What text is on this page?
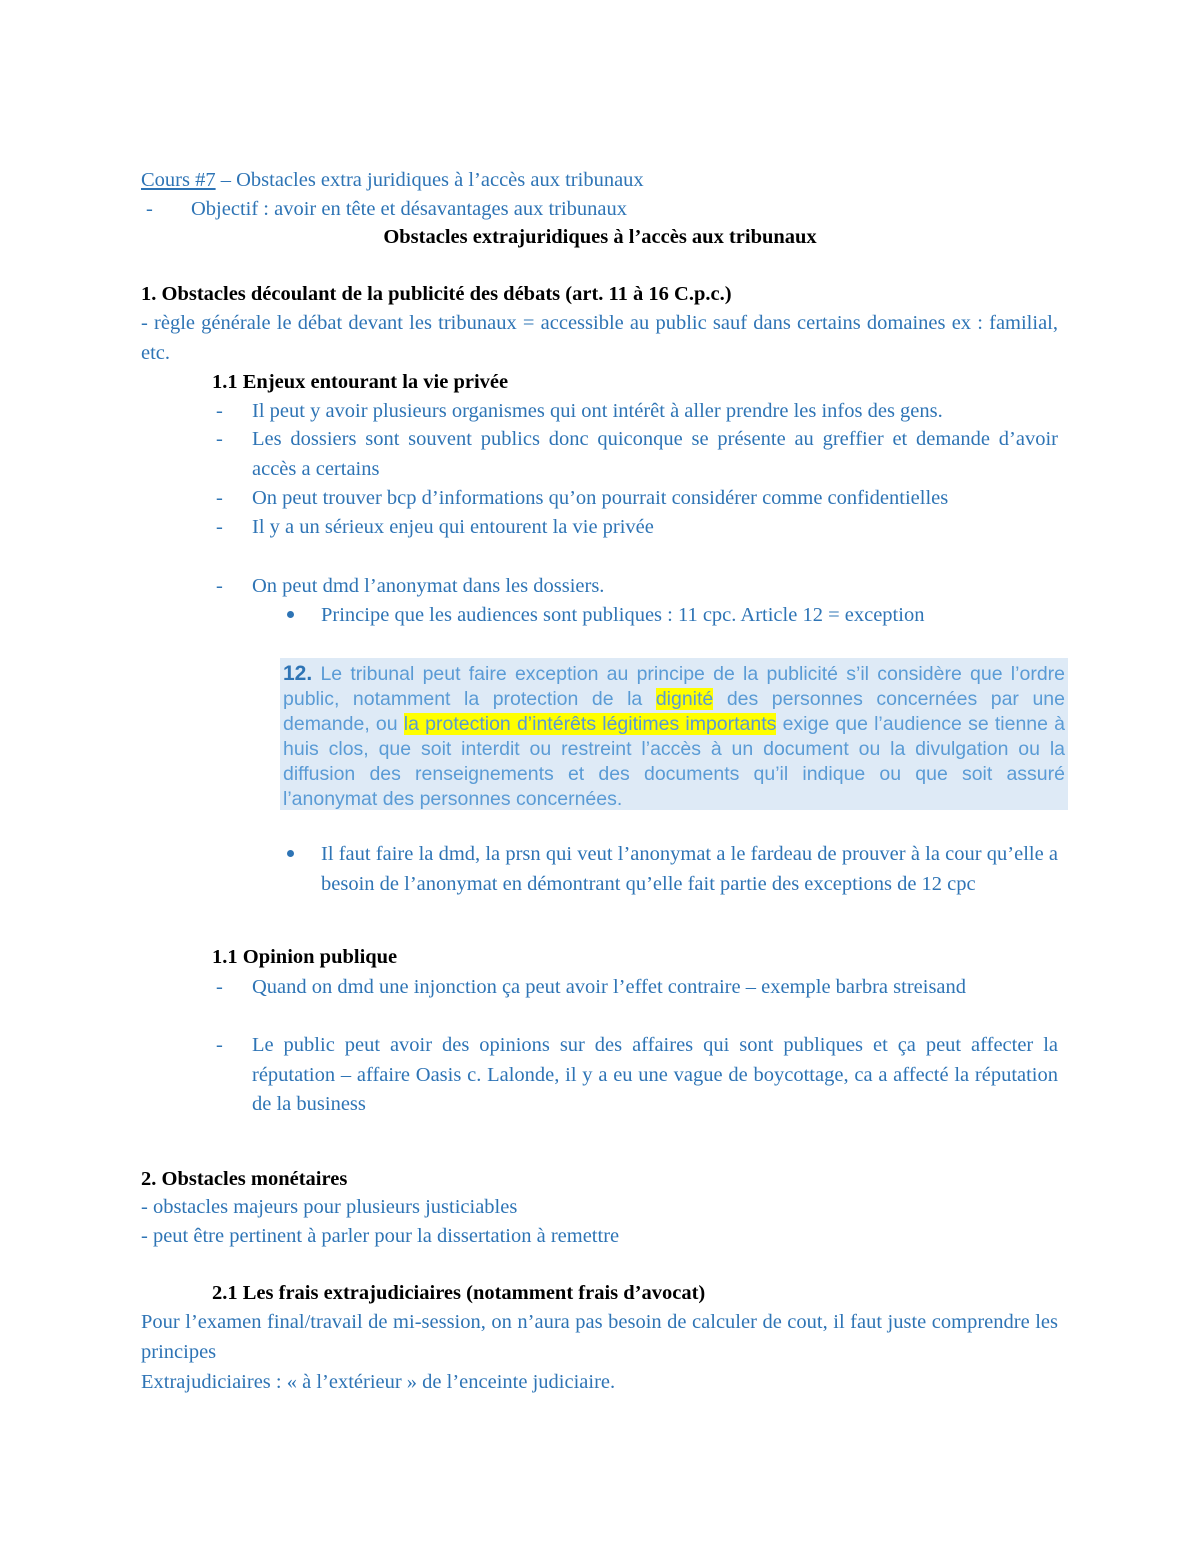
Cours #7 – Obstacles extra juridiques à l’accès aux tribunaux
- Objectif : avoir en tête et désavantages aux tribunaux
Obstacles extrajuridiques à l’accès aux tribunaux
1. Obstacles découlant de la publicité des débats (art. 11 à 16 C.p.c.)
- règle générale le débat devant les tribunaux = accessible au public sauf dans certains domaines ex : familial, etc.
1.1 Enjeux entourant la vie privée
- Il peut y avoir plusieurs organismes qui ont intérêt à aller prendre les infos des gens.
- Les dossiers sont souvent publics donc quiconque se présente au greffier et demande d’avoir accès a certains
- On peut trouver bcp d’informations qu’on pourrait considérer comme confidentielles
- Il y a un sérieux enjeu qui entourent la vie privée
- On peut dmd l’anonymat dans les dossiers.
Principe que les audiences sont publiques : 11 cpc. Article 12 = exception
12. Le tribunal peut faire exception au principe de la publicité s’il considère que l’ordre public, notamment la protection de la dignité des personnes concernées par une demande, ou la protection d’intérêts légitimes importants exige que l’audience se tienne à huis clos, que soit interdit ou restreint l’accès à un document ou la divulgation ou la diffusion des renseignements et des documents qu’il indique ou que soit assuré l’anonymat des personnes concernées.
Il faut faire la dmd, la prsn qui veut l’anonymat a le fardeau de prouver à la cour qu’elle a besoin de l’anonymat en démontrant qu’elle fait partie des exceptions de 12 cpc
1.1 Opinion publique
- Quand on dmd une injonction ça peut avoir l’effet contraire – exemple barbra streisand
- Le public peut avoir des opinions sur des affaires qui sont publiques et ça peut affecter la réputation – affaire Oasis c. Lalonde, il y a eu une vague de boycottage, ca a affecté la réputation de la business
2. Obstacles monétaires
- obstacles majeurs pour plusieurs justiciables
- peut être pertinent à parler pour la dissertation à remettre
2.1 Les frais extrajudiciaires (notamment frais d’avocat)
Pour l’examen final/travail de mi-session, on n’aura pas besoin de calculer de cout, il faut juste comprendre les principes
Extrajudiciaires : « à l’extérieur » de l’enceinte judiciaire.
